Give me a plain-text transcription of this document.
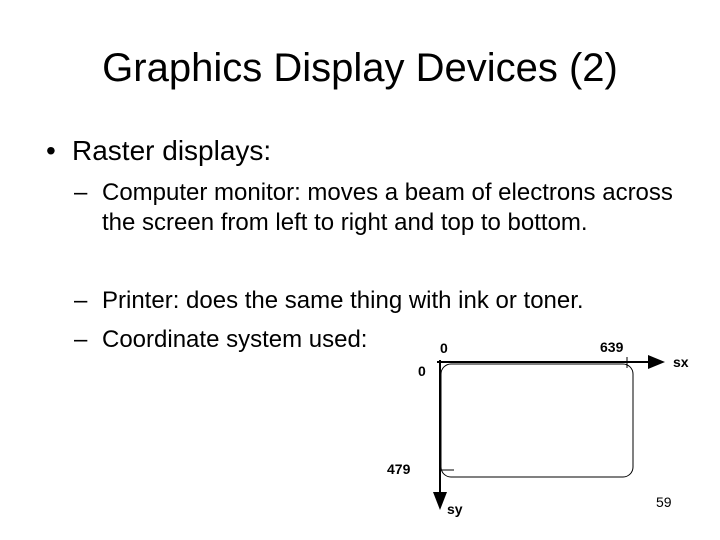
Graphics Display Devices (2)
• Raster displays:
– Computer monitor: moves a beam of electrons across the screen from left to right and top to bottom.
– Printer: does the same thing with ink or toner.
– Coordinate system used:	0	639
sx
0
479
sy	59
